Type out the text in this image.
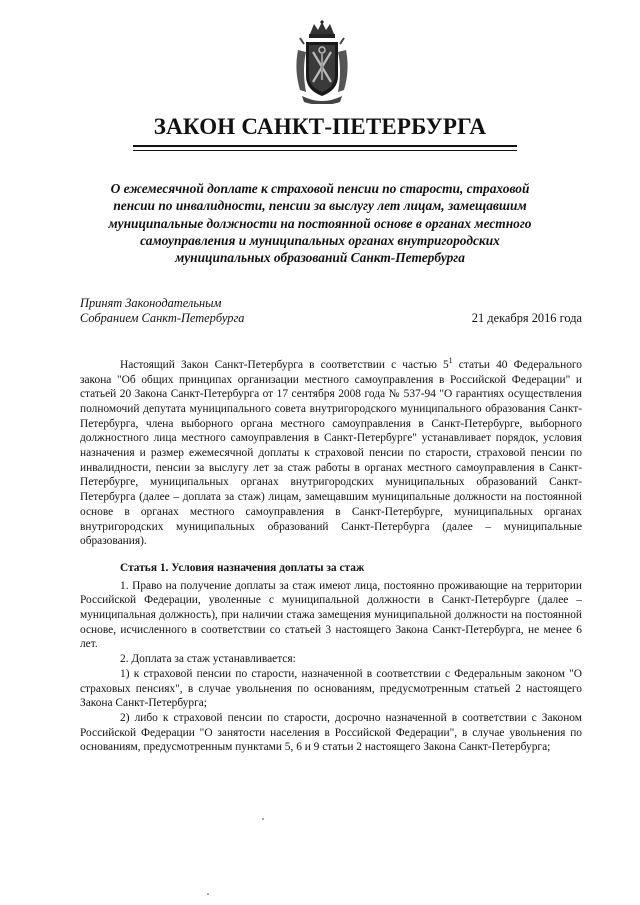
ЗАКОН САНКТ-ПЕТЕРБУРГА
О ежемесячной доплате к страховой пенсии по старости, страховой
пенсии по инвалидности, пенсии за выслугу лет лицам, замещавшим
муниципальные должности на постоянной основе в органах местного
самоуправления и муниципальных органах внутригородских
муниципальных образований Санкт-Петербурга
Принят Законодательным
Собранием Санкт-Петербурга	21 декабря 2016 года

Настоящий Закон Санкт-Петербурга в соответствии с частью $5^1$ статьи 40 Федерального закона "Об общих принципах организации местного самоуправления в Российской Федерации" и статьей 20 Закона Санкт-Петербурга от 17 сентября 2008 года № 537-94 "О гарантиях осуществления полномочий депутата муниципального совета внутригородского муниципального образования Санкт-Петербурга, члена выборного органа местного самоуправления в Санкт-Петербурге, выборного должностного лица местного самоуправления в Санкт-Петербурге" устанавливает порядок, условия назначения и размер ежемесячной доплаты к страховой пенсии по старости, страховой пенсии по инвалидности, пенсии за выслугу лет за стаж работы в органах местного самоуправления в Санкт-Петербурге, муниципальных органах внутригородских муниципальных образований Санкт-Петербурга (далее – доплата за стаж) лицам, замещавшим муниципальные должности на постоянной основе в органах местного самоуправления в Санкт-Петербурге, муниципальных органах внутригородских муниципальных образований Санкт-Петербурга (далее – муниципальные образования).

Статья 1. Условия назначения доплаты за стаж

1. Право на получение доплаты за стаж имеют лица, постоянно проживающие на территории Российской Федерации, уволенные с муниципальной должности в Санкт-Петербурге (далее – муниципальная должность), при наличии стажа замещения муниципальной должности на постоянной основе, исчисленного в соответствии со статьей 3 настоящего Закона Санкт-Петербурга, не менее 6 лет.

2. Доплата за стаж устанавливается:

1) к страховой пенсии по старости, назначенной в соответствии с Федеральным законом "О страховых пенсиях", в случае увольнения по основаниям, предусмотренным статьей 2 настоящего Закона Санкт-Петербурга;

2) либо к страховой пенсии по старости, досрочно назначенной в соответствии с Законом Российской Федерации "О занятости населения в Российской Федерации", в случае увольнения по основаниям, предусмотренным пунктами 5, 6 и 9 статьи 2 настоящего Закона Санкт-Петербурга;
